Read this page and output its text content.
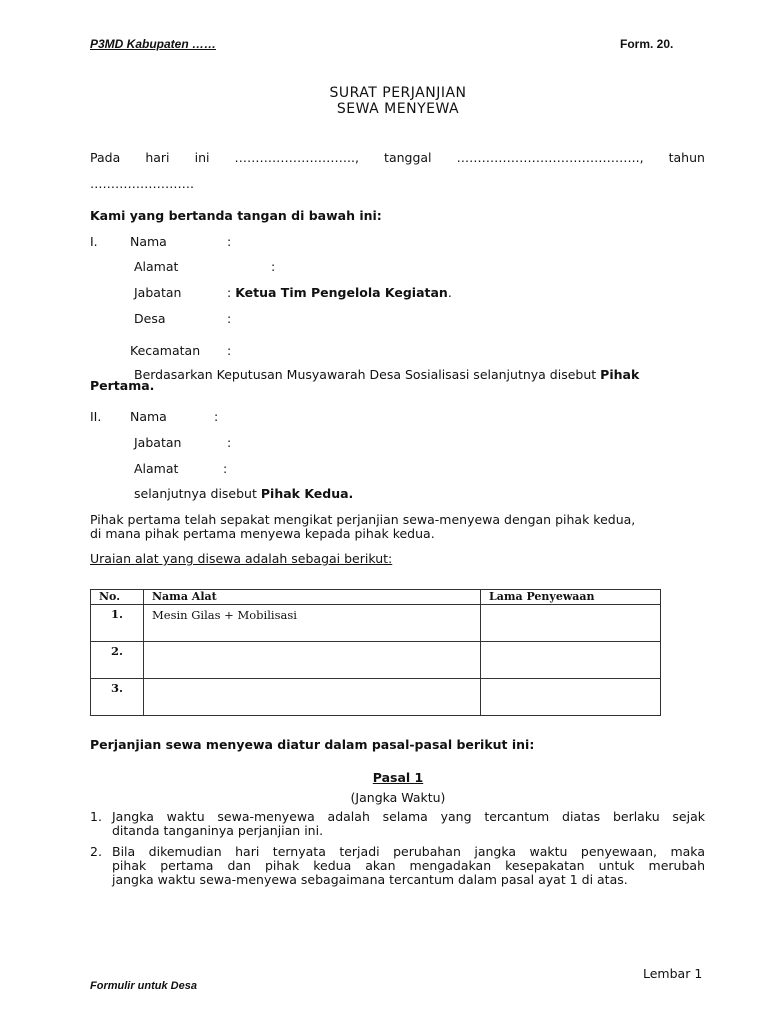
P3MD Kabupaten ……	Form. 20.
SURAT PERJANJIAN
SEWA MENYEWA
Pada hari ini ……………………….., tanggal …………………………………….., tahun
…………………….
Kami yang bertanda tangan di bawah ini:
I.	Nama	:
Alamat	:
Jabatan	: Ketua Tim Pengelola Kegiatan.
Desa	:
Kecamatan :
Berdasarkan Keputusan Musyawarah Desa Sosialisasi selanjutnya disebut Pihak
Pertama.
II. Nama	:
Jabatan	:
Alamat	:
selanjutnya disebut Pihak Kedua.
Pihak pertama telah sepakat mengikat perjanjian sewa-menyewa dengan pihak kedua,
di mana pihak pertama menyewa kepada pihak kedua.
Uraian alat yang disewa adalah sebagai berikut:
No.	Nama Alat	Lama Penyewaan
1.	Mesin Gilas + Mobilisasi	
2.		
3.		
Perjanjian sewa menyewa diatur dalam pasal-pasal berikut ini:
Pasal 1
(Jangka Waktu)
1. Jangka waktu sewa-menyewa adalah selama yang tercantum diatas berlaku sejak
ditanda tanganinya perjanjian ini.
2. Bila dikemudian hari ternyata terjadi perubahan jangka waktu penyewaan, maka
pihak pertama dan pihak kedua akan mengadakan kesepakatan untuk merubah
jangka waktu sewa-menyewa sebagaimana tercantum dalam pasal ayat 1 di atas.
Lembar 1
Formulir untuk Desa
